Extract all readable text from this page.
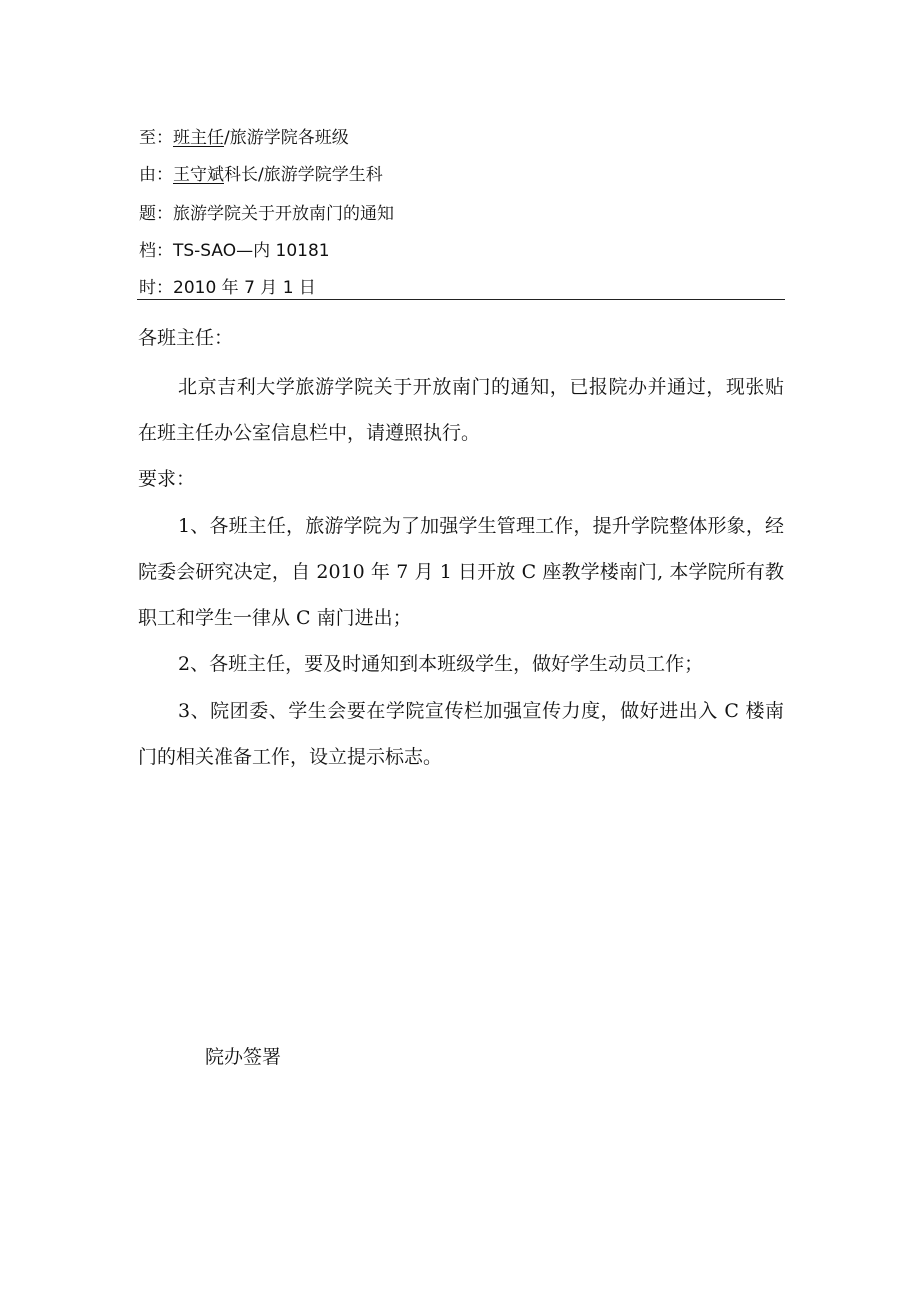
至：班主任/旅游学院各班级
由：王守斌科长/旅游学院学生科
题：旅游学院关于开放南门的通知
档：TS-SAO—内 10181
时：2010 年 7 月 1 日

各班主任：

北京吉利大学旅游学院关于开放南门的通知，已报院办并通过，现张贴在班主任办公室信息栏中，请遵照执行。

要求：

1、各班主任，旅游学院为了加强学生管理工作，提升学院整体形象，经院委会研究决定，自 2010 年 7 月 1 日开放 C 座教学楼南门, 本学院所有教职工和学生一律从 C 南门进出；

2、各班主任，要及时通知到本班级学生，做好学生动员工作；

3、院团委、学生会要在学院宣传栏加强宣传力度，做好进出入 C 楼南门的相关准备工作，设立提示标志。

院办签署
